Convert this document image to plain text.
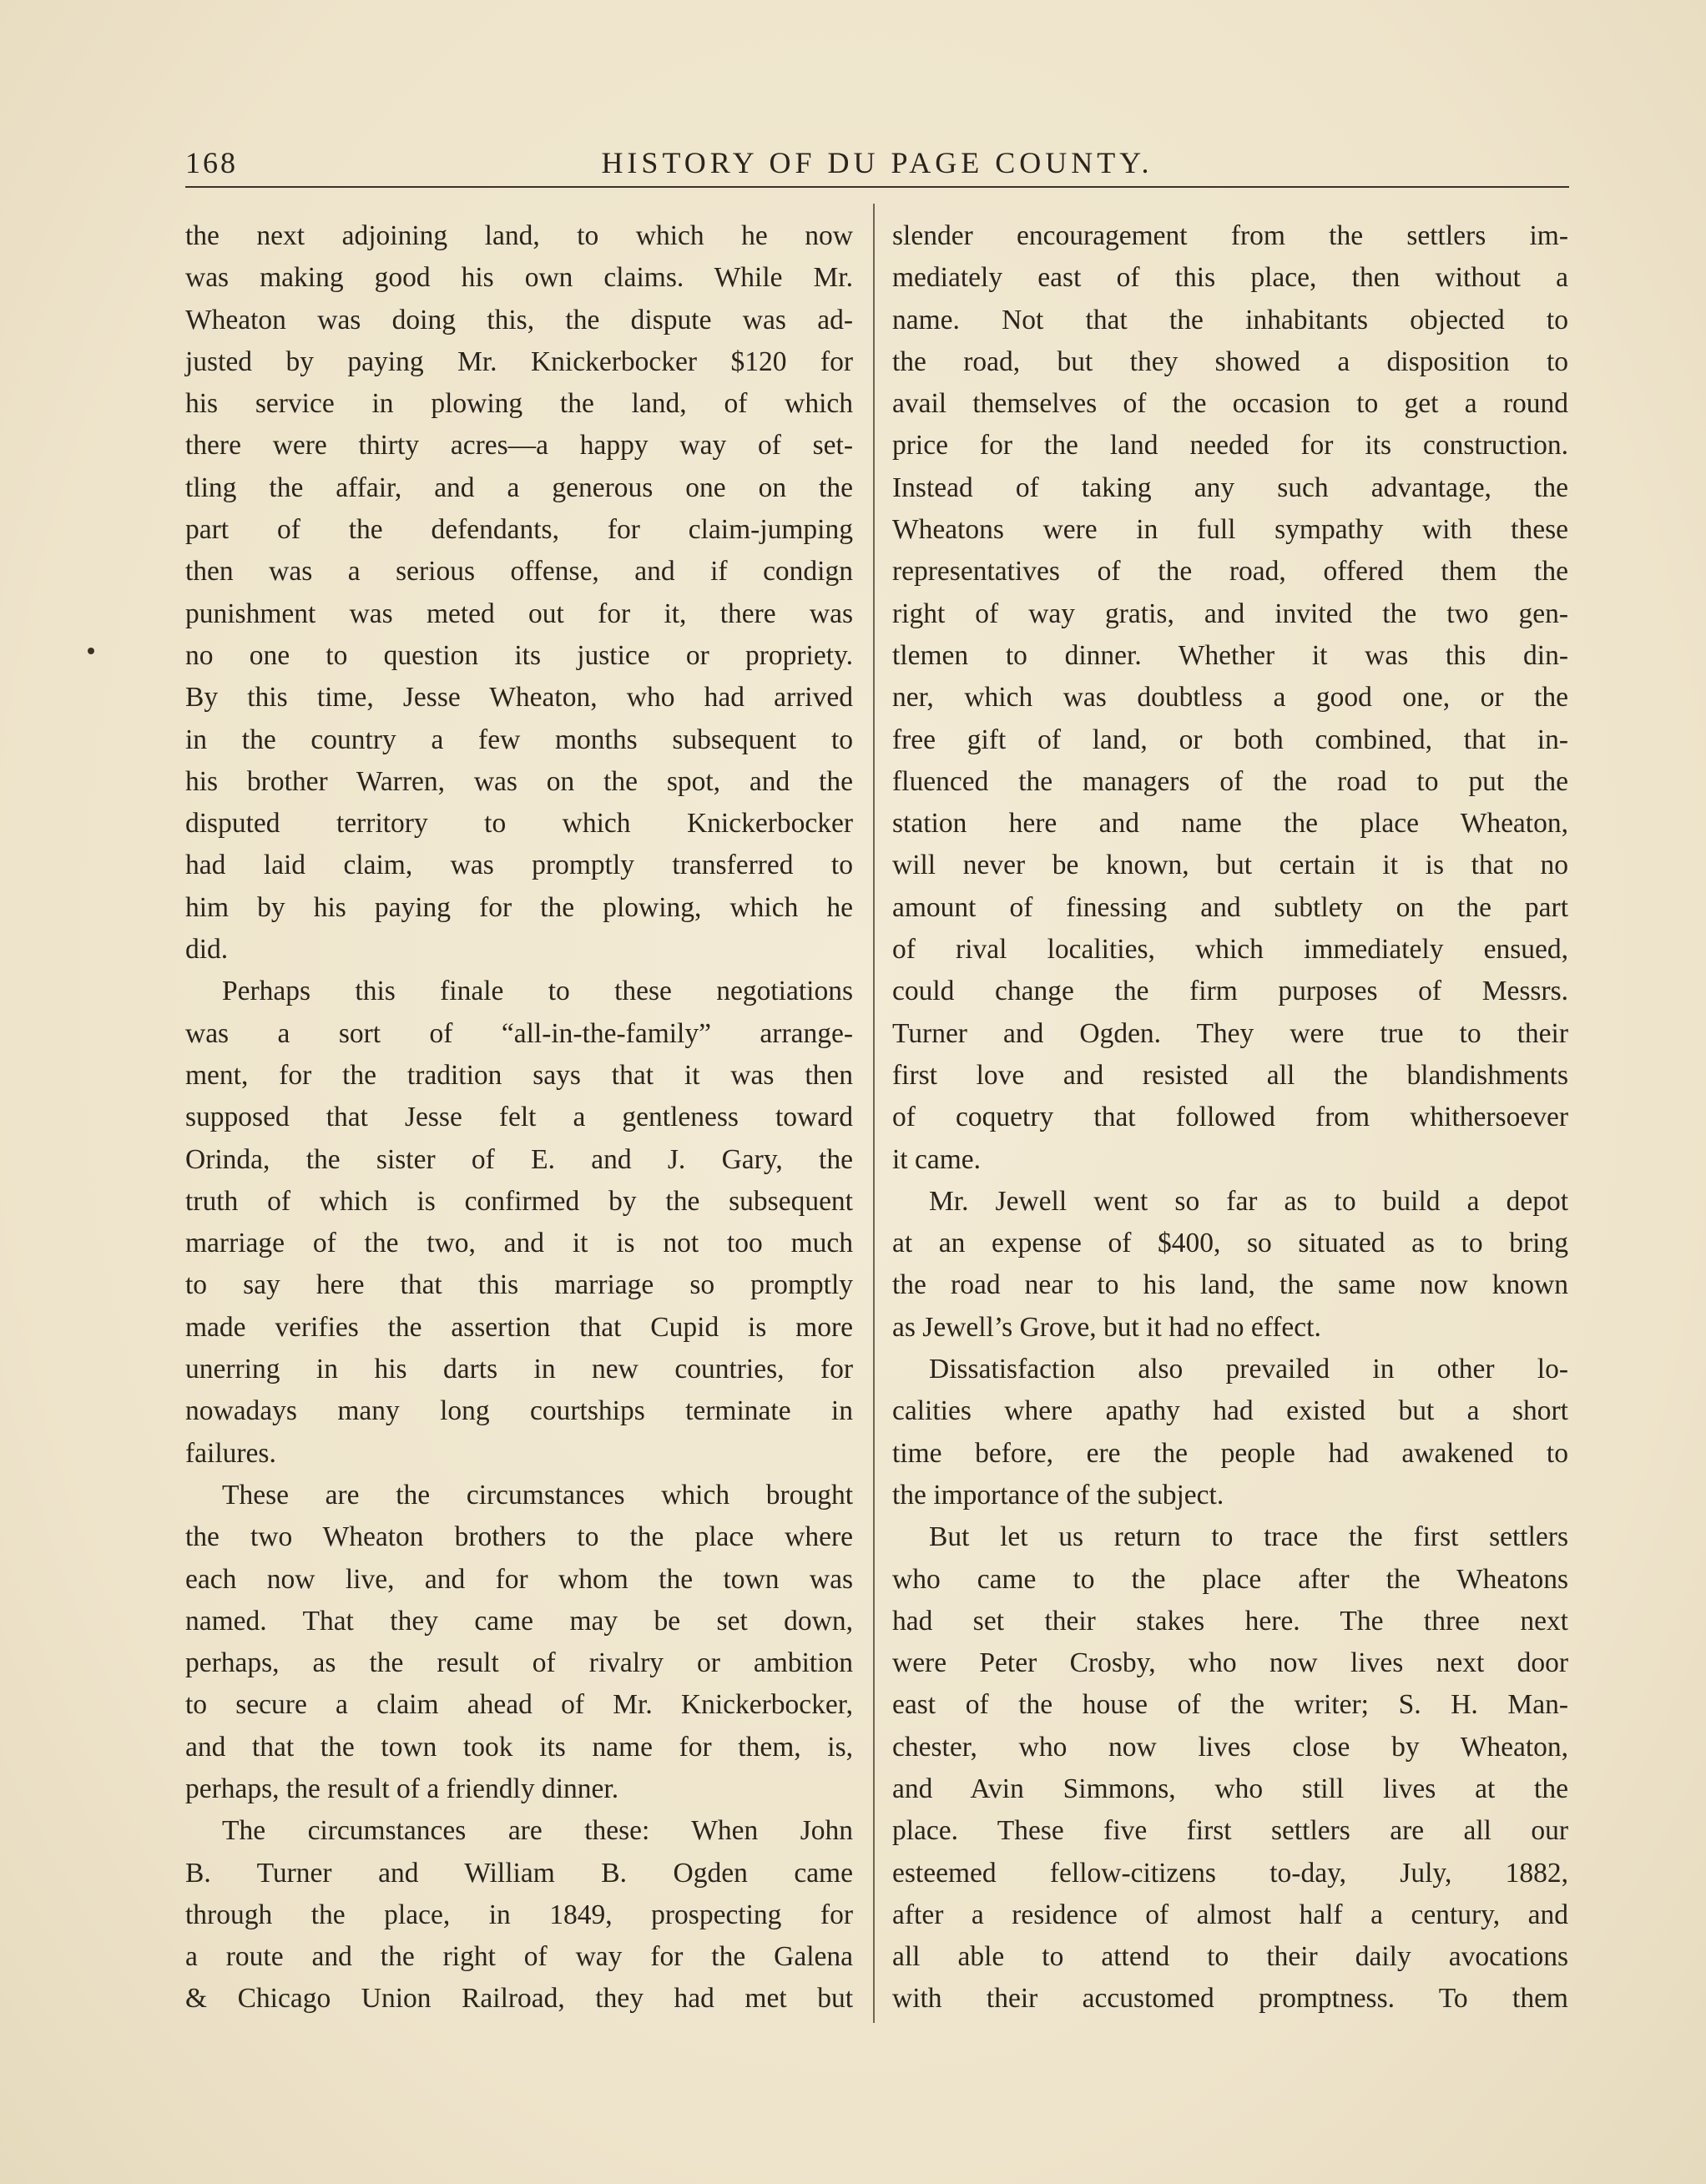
168	HISTORY OF DU PAGE COUNTY.
the next adjoining land, to which he now
was making good his own claims. While Mr.
Wheaton was doing this, the dispute was ad-
justed by paying Mr. Knickerbocker $120 for
his service in plowing the land, of which
there were thirty acres—a happy way of set-
tling the affair, and a generous one on the
part of the defendants, for claim-jumping
then was a serious offense, and if condign
punishment was meted out for it, there was
no one to question its justice or propriety.
By this time, Jesse Wheaton, who had arrived
in the country a few months subsequent to
his brother Warren, was on the spot, and the
disputed territory to which Knickerbocker
had laid claim, was promptly transferred to
him by his paying for the plowing, which he
did.
Perhaps this finale to these negotiations
was a sort of “all-in-the-family” arrange-
ment, for the tradition says that it was then
supposed that Jesse felt a gentleness toward
Orinda, the sister of E. and J. Gary, the
truth of which is confirmed by the subsequent
marriage of the two, and it is not too much
to say here that this marriage so promptly
made verifies the assertion that Cupid is more
unerring in his darts in new countries, for
nowadays many long courtships terminate in
failures.
These are the circumstances which brought
the two Wheaton brothers to the place where
each now live, and for whom the town was
named. That they came may be set down,
perhaps, as the result of rivalry or ambition
to secure a claim ahead of Mr. Knickerbocker,
and that the town took its name for them, is,
perhaps, the result of a friendly dinner.
The circumstances are these: When John
B. Turner and William B. Ogden came
through the place, in 1849, prospecting for
a route and the right of way for the Galena
& Chicago Union Railroad, they had met but
slender encouragement from the settlers im-
mediately east of this place, then without a
name. Not that the inhabitants objected to
the road, but they showed a disposition to
avail themselves of the occasion to get a round
price for the land needed for its construction.
Instead of taking any such advantage, the
Wheatons were in full sympathy with these
representatives of the road, offered them the
right of way gratis, and invited the two gen-
tlemen to dinner. Whether it was this din-
ner, which was doubtless a good one, or the
free gift of land, or both combined, that in-
fluenced the managers of the road to put the
station here and name the place Wheaton,
will never be known, but certain it is that no
amount of finessing and subtlety on the part
of rival localities, which immediately ensued,
could change the firm purposes of Messrs.
Turner and Ogden. They were true to their
first love and resisted all the blandishments
of coquetry that followed from whithersoever
it came.
Mr. Jewell went so far as to build a depot
at an expense of $400, so situated as to bring
the road near to his land, the same now known
as Jewell’s Grove, but it had no effect.
Dissatisfaction also prevailed in other lo-
calities where apathy had existed but a short
time before, ere the people had awakened to
the importance of the subject.
But let us return to trace the first settlers
who came to the place after the Wheatons
had set their stakes here. The three next
were Peter Crosby, who now lives next door
east of the house of the writer; S. H. Man-
chester, who now lives close by Wheaton,
and Avin Simmons, who still lives at the
place. These five first settlers are all our
esteemed fellow-citizens to-day, July, 1882,
after a residence of almost half a century, and
all able to attend to their daily avocations
with their accustomed promptness. To them
